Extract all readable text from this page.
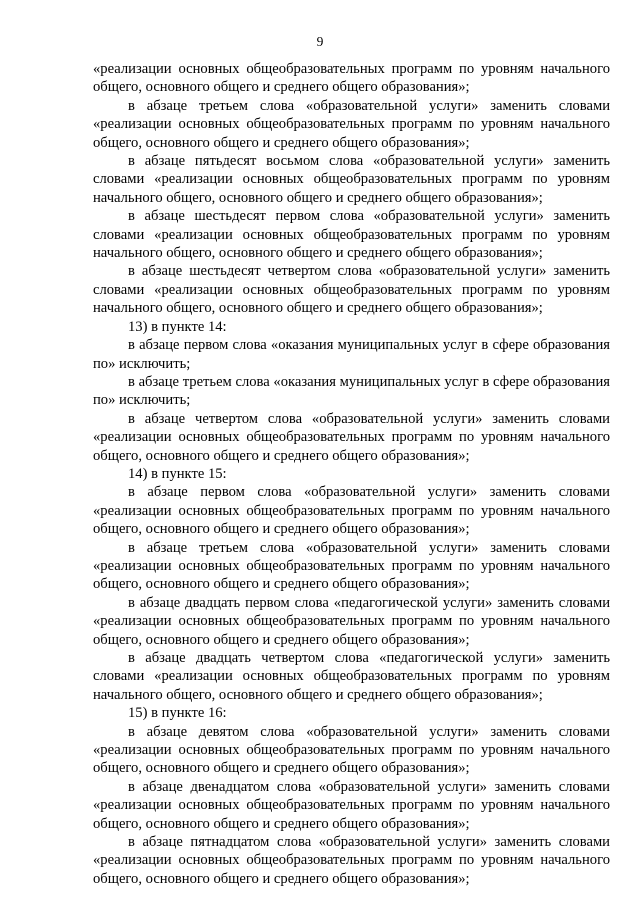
9

«реализации основных общеобразовательных программ по уровням начального общего, основного общего и среднего общего образования»;

в абзаце третьем слова «образовательной услуги» заменить словами «реализации основных общеобразовательных программ по уровням начального общего, основного общего и среднего общего образования»;

в абзаце пятьдесят восьмом слова «образовательной услуги» заменить словами «реализации основных общеобразовательных программ по уровням начального общего, основного общего и среднего общего образования»;

в абзаце шестьдесят первом слова «образовательной услуги» заменить словами «реализации основных общеобразовательных программ по уровням начального общего, основного общего и среднего общего образования»;

в абзаце шестьдесят четвертом слова «образовательной услуги» заменить словами «реализации основных общеобразовательных программ по уровням начального общего, основного общего и среднего общего образования»;

13) в пункте 14:

в абзаце первом слова «оказания муниципальных услуг в сфере образования по» исключить;

в абзаце третьем слова «оказания муниципальных услуг в сфере образования по» исключить;

в абзаце четвертом слова «образовательной услуги» заменить словами «реализации основных общеобразовательных программ по уровням начального общего, основного общего и среднего общего образования»;

14) в пункте 15:

в абзаце первом слова «образовательной услуги» заменить словами «реализации основных общеобразовательных программ по уровням начального общего, основного общего и среднего общего образования»;

в абзаце третьем слова «образовательной услуги» заменить словами «реализации основных общеобразовательных программ по уровням начального общего, основного общего и среднего общего образования»;

в абзаце двадцать первом слова «педагогической услуги» заменить словами «реализации основных общеобразовательных программ по уровням начального общего, основного общего и среднего общего образования»;

в абзаце двадцать четвертом слова «педагогической услуги» заменить словами «реализации основных общеобразовательных программ по уровням начального общего, основного общего и среднего общего образования»;

15) в пункте 16:

в абзаце девятом слова «образовательной услуги» заменить словами «реализации основных общеобразовательных программ по уровням начального общего, основного общего и среднего общего образования»;

в абзаце двенадцатом слова «образовательной услуги» заменить словами «реализации основных общеобразовательных программ по уровням начального общего, основного общего и среднего общего образования»;

в абзаце пятнадцатом слова «образовательной услуги» заменить словами «реализации основных общеобразовательных программ по уровням начального общего, основного общего и среднего общего образования»;
